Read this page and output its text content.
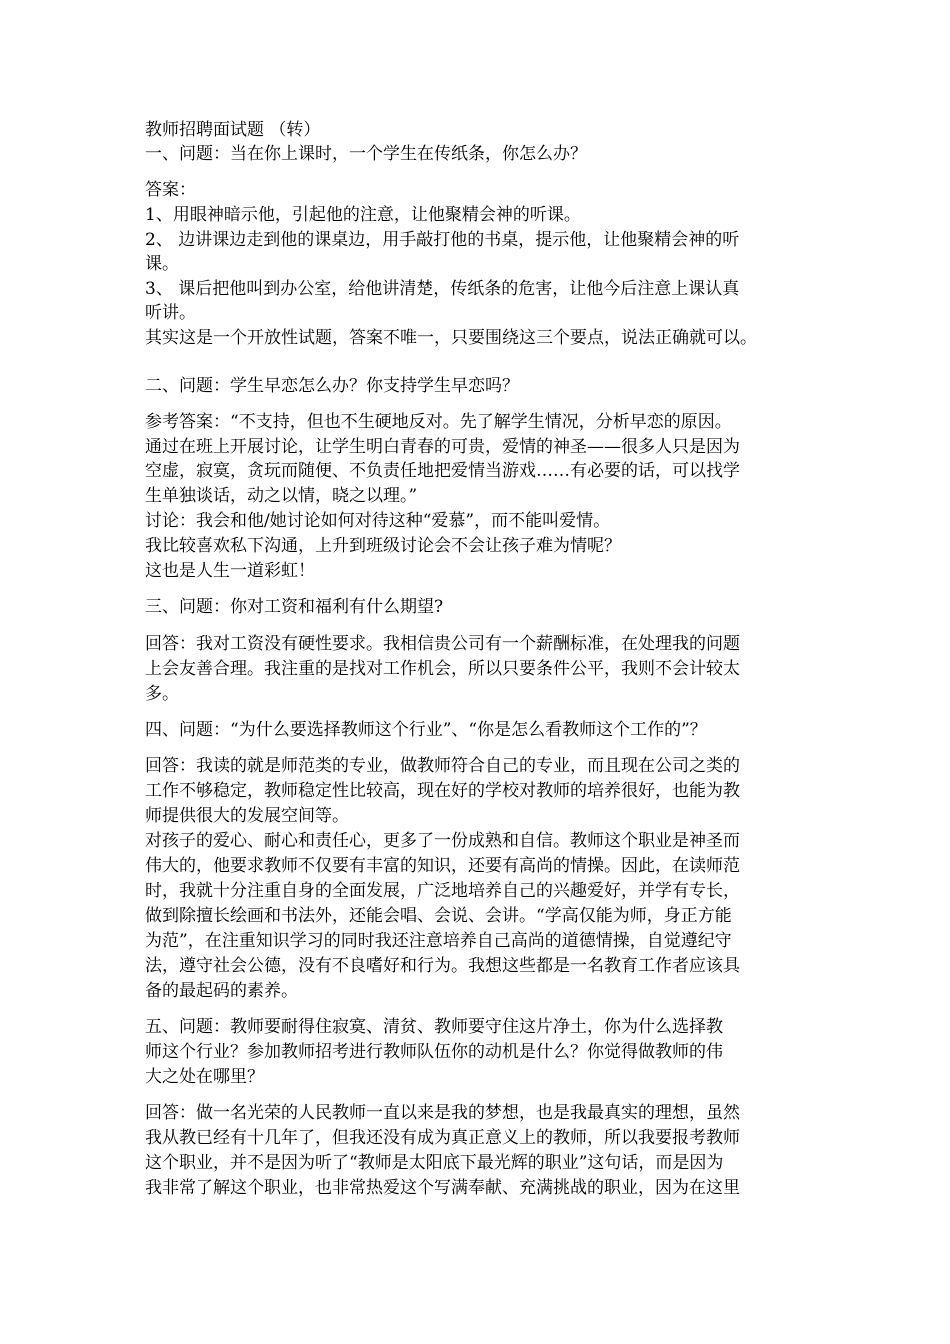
教师招聘面试题 （转）
一、问题：当在你上课时，一个学生在传纸条，你怎么办？
答案：
1、用眼神暗示他，引起他的注意，让他聚精会神的听课。
2、 边讲课边走到他的课桌边，用手敲打他的书桌，提示他，让他聚精会神的听
课。
3、 课后把他叫到办公室，给他讲清楚，传纸条的危害，让他今后注意上课认真
听讲。
其实这是一个开放性试题，答案不唯一，只要围绕这三个要点，说法正确就可以。
二、问题：学生早恋怎么办？你支持学生早恋吗？
参考答案：“不支持，但也不生硬地反对。先了解学生情况，分析早恋的原因。
通过在班上开展讨论，让学生明白青春的可贵，爱情的神圣——很多人只是因为
空虚，寂寞，贪玩而随便、不负责任地把爱情当游戏……有必要的话，可以找学
生单独谈话，动之以情，晓之以理。”
讨论：我会和他/她讨论如何对待这种“爱慕”，而不能叫爱情。
我比较喜欢私下沟通，上升到班级讨论会不会让孩子难为情呢？
这也是人生一道彩虹！
三、问题：你对工资和福利有什么期望?
回答：我对工资没有硬性要求。我相信贵公司有一个薪酬标准，在处理我的问题
上会友善合理。我注重的是找对工作机会，所以只要条件公平，我则不会计较太
多。
四、问题：“为什么要选择教师这个行业”、“你是怎么看教师这个工作的”？
回答：我读的就是师范类的专业，做教师符合自己的专业，而且现在公司之类的
工作不够稳定，教师稳定性比较高，现在好的学校对教师的培养很好，也能为教
师提供很大的发展空间等。
对孩子的爱心、耐心和责任心，更多了一份成熟和自信。教师这个职业是神圣而
伟大的，他要求教师不仅要有丰富的知识，还要有高尚的情操。因此，在读师范
时，我就十分注重自身的全面发展，广泛地培养自己的兴趣爱好，并学有专长，
做到除擅长绘画和书法外，还能会唱、会说、会讲。“学高仅能为师，身正方能
为范”，在注重知识学习的同时我还注意培养自己高尚的道德情操，自觉遵纪守
法，遵守社会公德，没有不良嗜好和行为。我想这些都是一名教育工作者应该具
备的最起码的素养。
五、问题：教师要耐得住寂寞、清贫、教师要守住这片净土，你为什么选择教
师这个行业？参加教师招考进行教师队伍你的动机是什么？你觉得做教师的伟
大之处在哪里？
回答：做一名光荣的人民教师一直以来是我的梦想，也是我最真实的理想，虽然
我从教已经有十几年了，但我还没有成为真正意义上的教师，所以我要报考教师
这个职业，并不是因为听了“教师是太阳底下最光辉的职业”这句话，而是因为
我非常了解这个职业，也非常热爱这个写满奉献、充满挑战的职业，因为在这里
